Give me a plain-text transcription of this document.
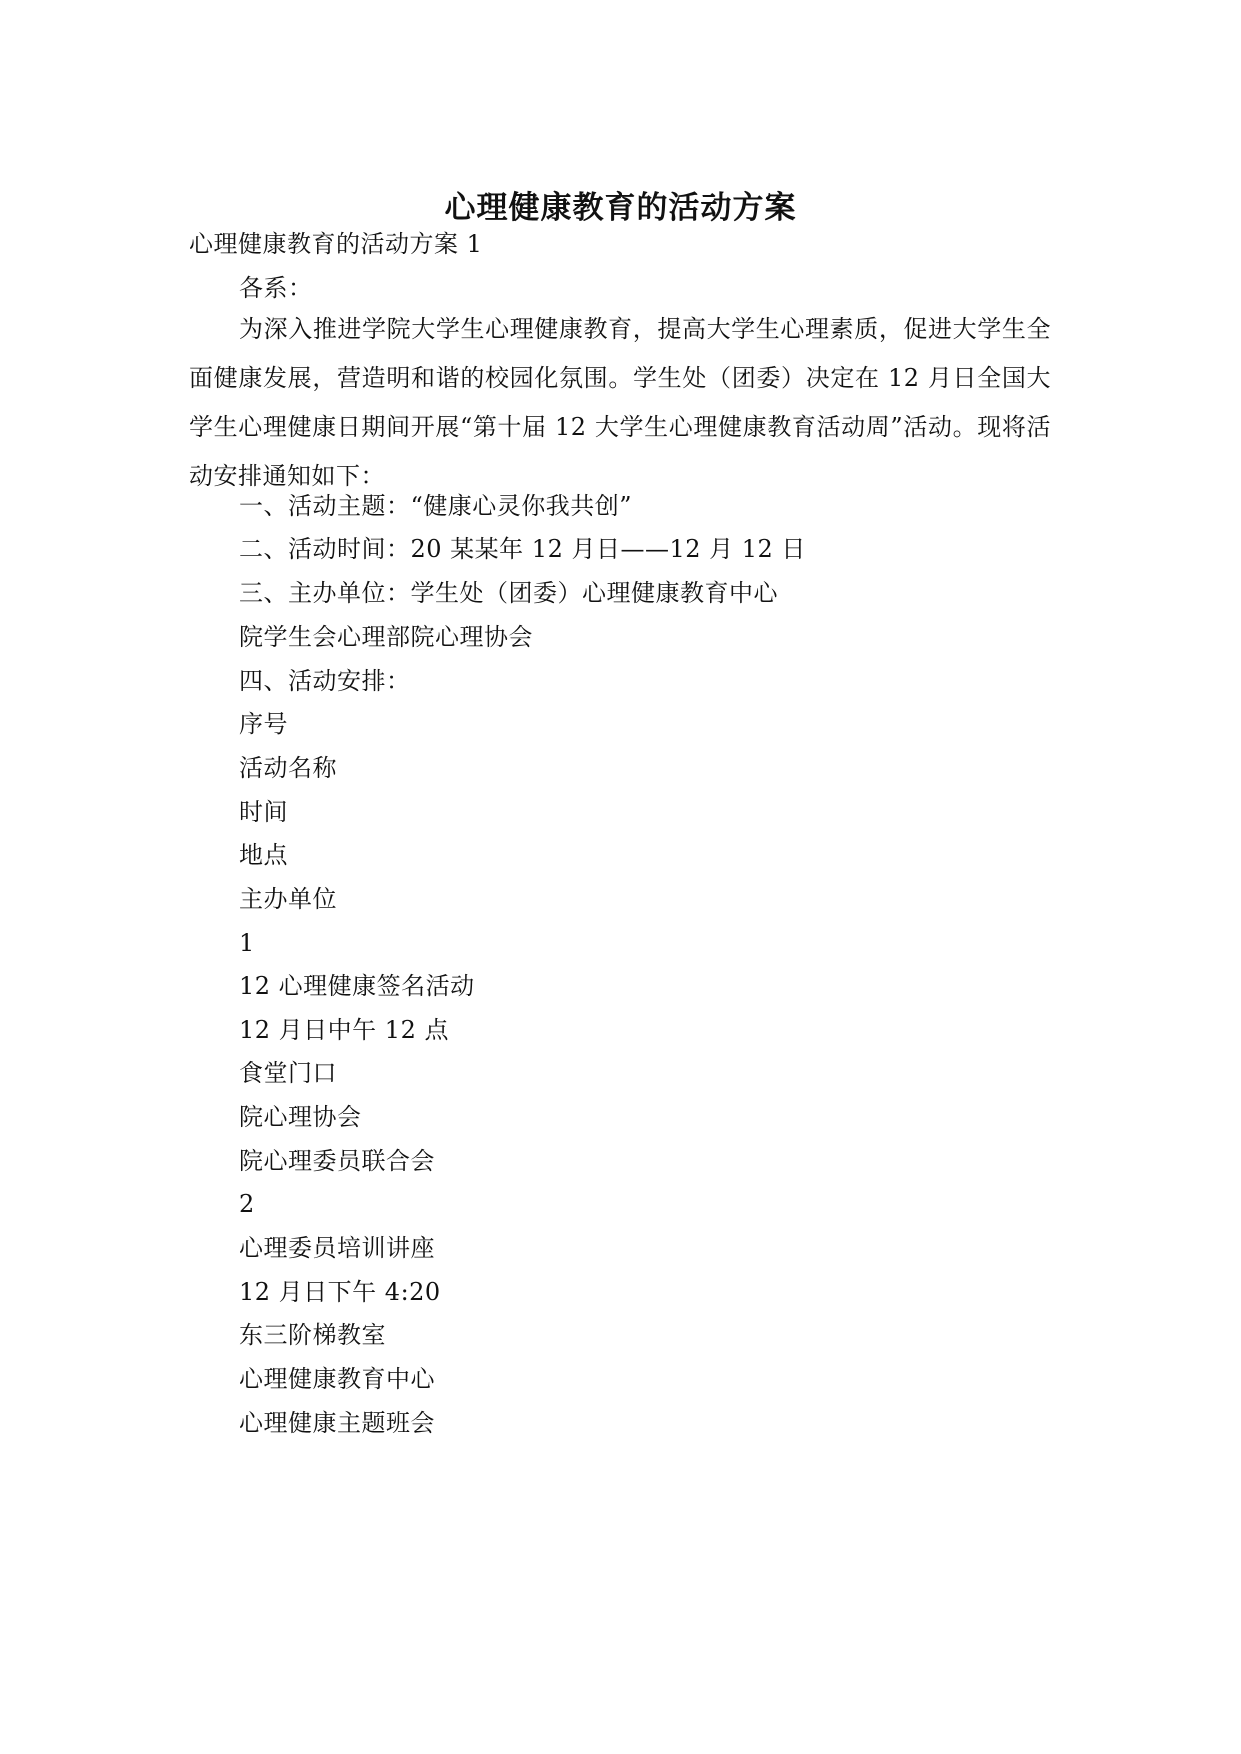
心理健康教育的活动方案
心理健康教育的活动方案 1
各系：
为深入推进学院大学生心理健康教育，提高大学生心理素质，促进大学生全面健康发展，营造明和谐的校园化氛围。学生处（团委）决定在 12 月日全国大学生心理健康日期间开展“第十届 12 大学生心理健康教育活动周”活动。现将活动安排通知如下：
一、活动主题：“健康心灵你我共创”
二、活动时间：20 某某年 12 月日——12 月 12 日
三、主办单位：学生处（团委）心理健康教育中心
院学生会心理部院心理协会
四、活动安排：
序号
活动名称
时间
地点
主办单位
1
12 心理健康签名活动
12 月日中午 12 点
食堂门口
院心理协会
院心理委员联合会
2
心理委员培训讲座
12 月日下午 4:20
东三阶梯教室
心理健康教育中心
心理健康主题班会
